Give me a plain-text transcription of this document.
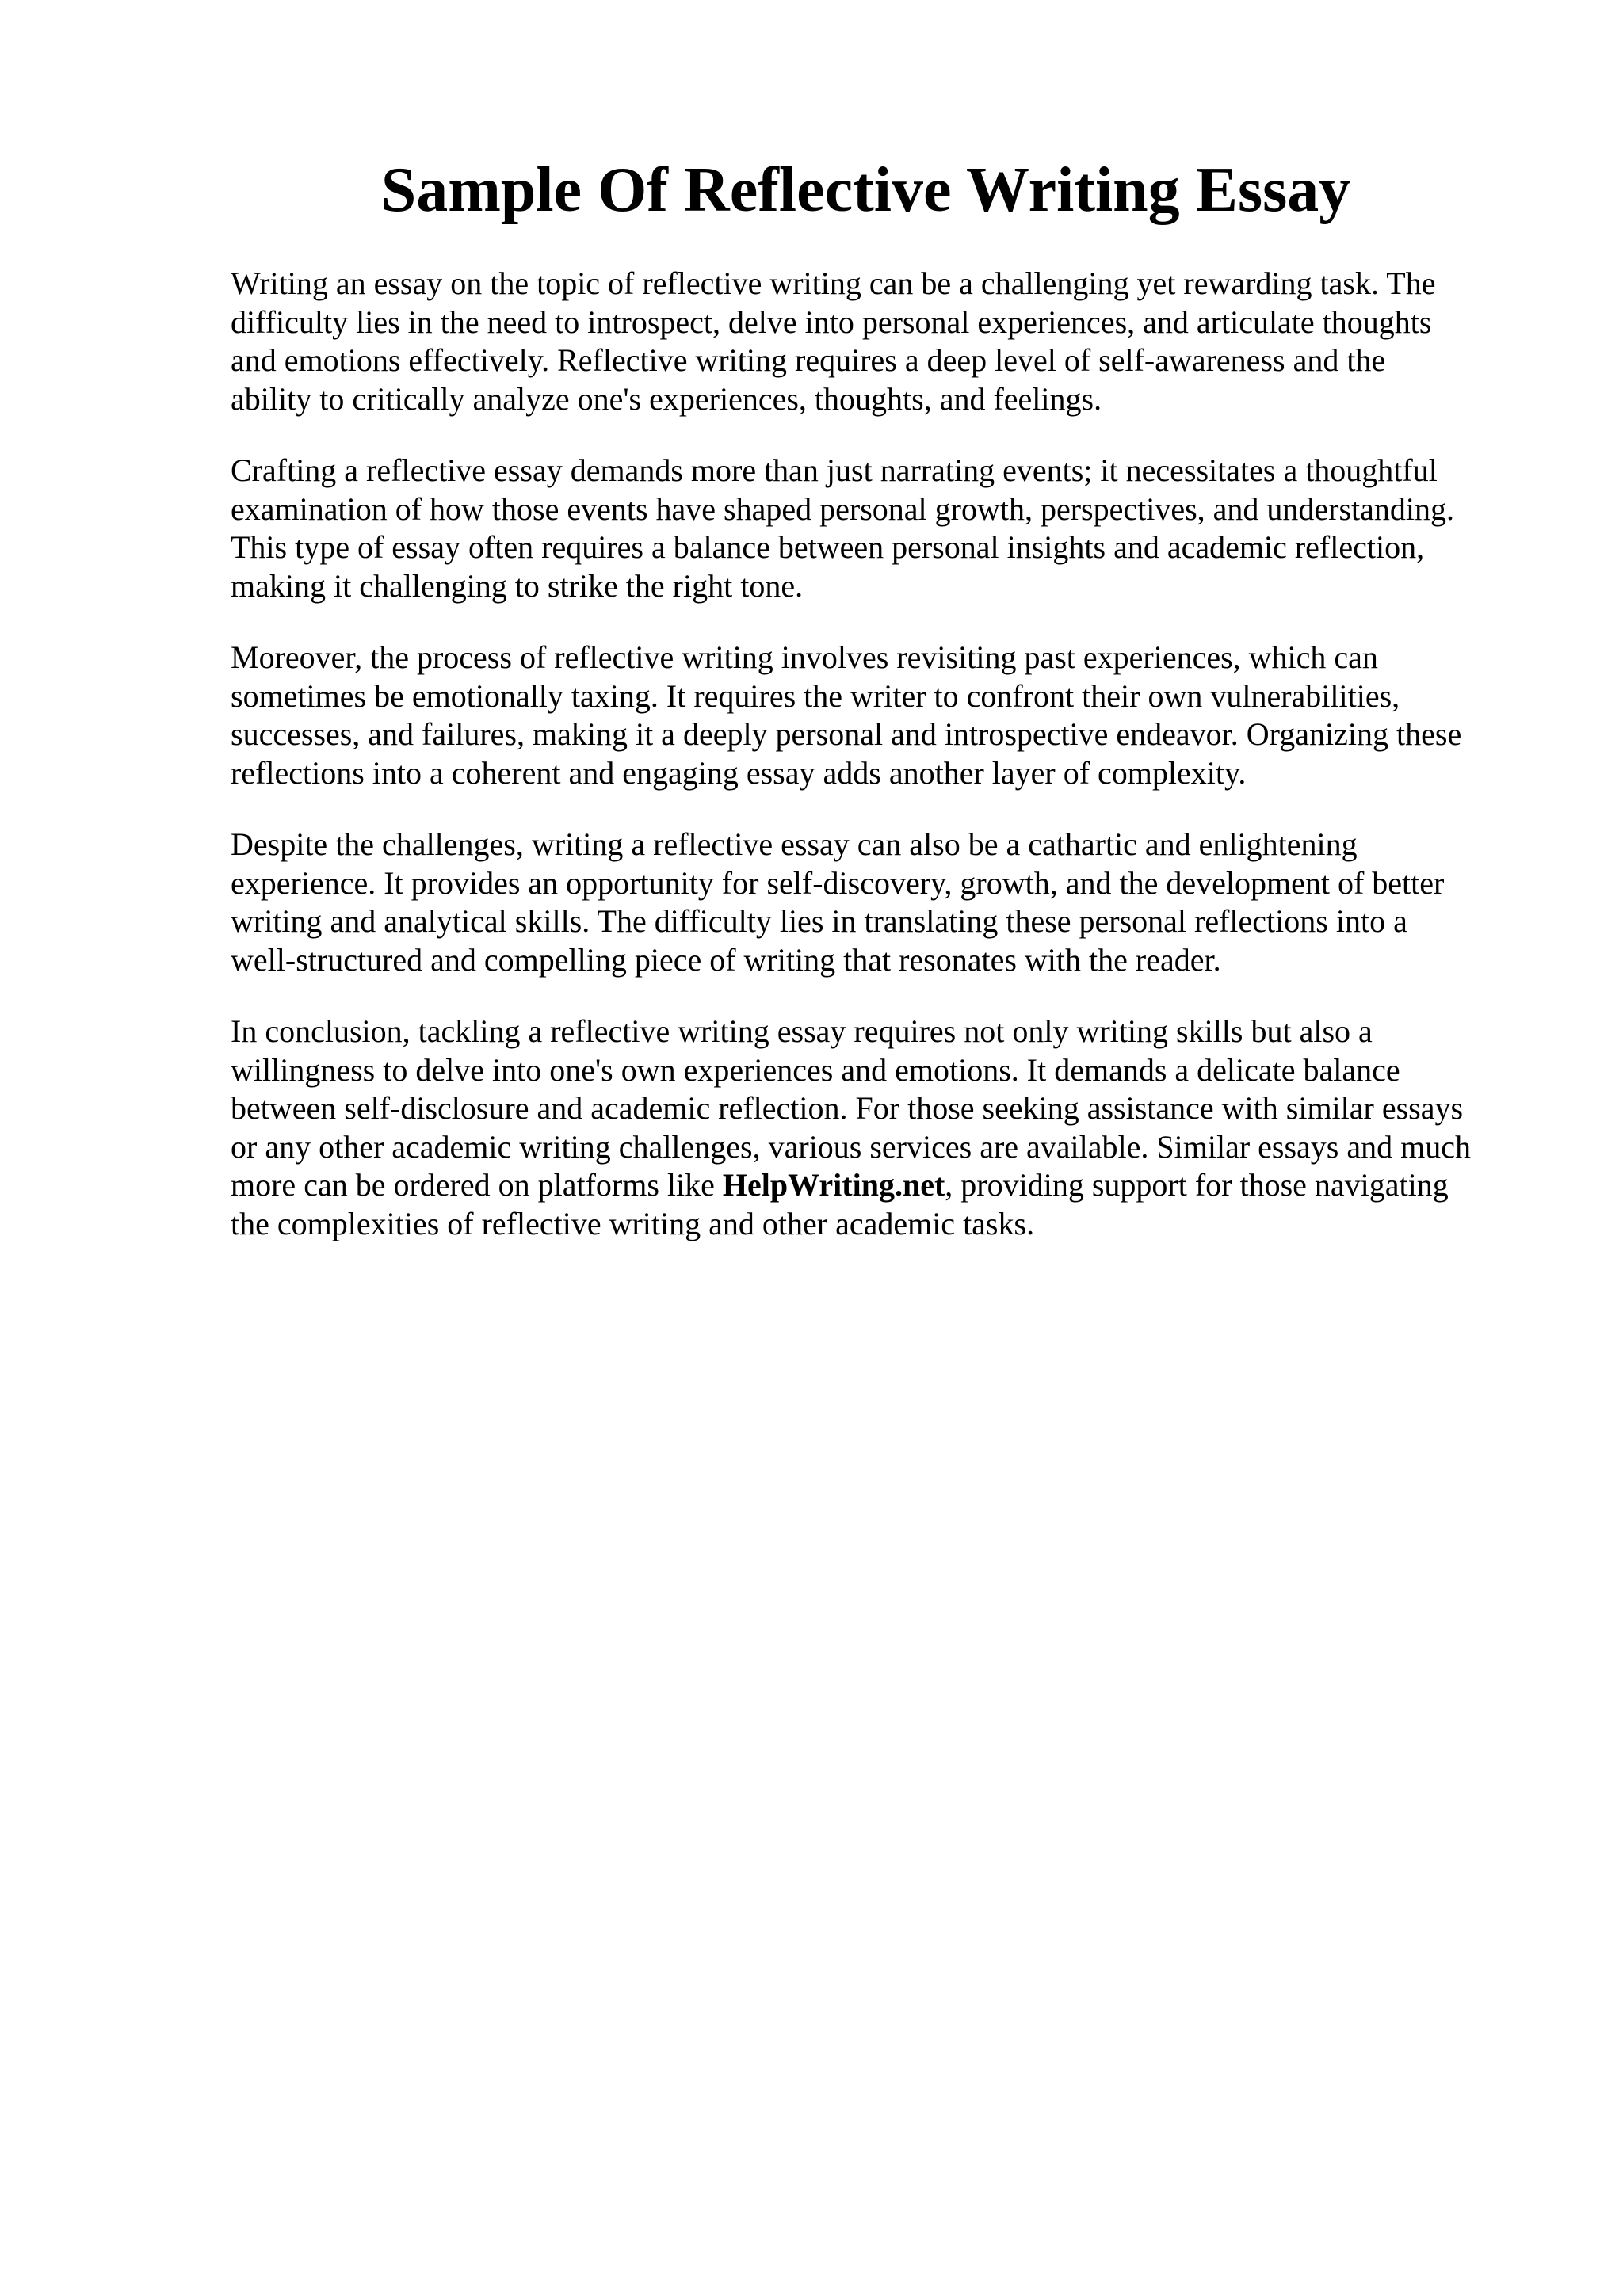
Sample Of Reflective Writing Essay

Writing an essay on the topic of reflective writing can be a challenging yet rewarding task. The
difficulty lies in the need to introspect, delve into personal experiences, and articulate thoughts
and emotions effectively. Reflective writing requires a deep level of self-awareness and the
ability to critically analyze one's experiences, thoughts, and feelings.

Crafting a reflective essay demands more than just narrating events; it necessitates a thoughtful
examination of how those events have shaped personal growth, perspectives, and understanding.
This type of essay often requires a balance between personal insights and academic reflection,
making it challenging to strike the right tone.

Moreover, the process of reflective writing involves revisiting past experiences, which can
sometimes be emotionally taxing. It requires the writer to confront their own vulnerabilities,
successes, and failures, making it a deeply personal and introspective endeavor. Organizing these
reflections into a coherent and engaging essay adds another layer of complexity.

Despite the challenges, writing a reflective essay can also be a cathartic and enlightening
experience. It provides an opportunity for self-discovery, growth, and the development of better
writing and analytical skills. The difficulty lies in translating these personal reflections into a
well-structured and compelling piece of writing that resonates with the reader.

In conclusion, tackling a reflective writing essay requires not only writing skills but also a
willingness to delve into one's own experiences and emotions. It demands a delicate balance
between self-disclosure and academic reflection. For those seeking assistance with similar essays
or any other academic writing challenges, various services are available. Similar essays and much
more can be ordered on platforms like HelpWriting.net, providing support for those navigating
the complexities of reflective writing and other academic tasks.
